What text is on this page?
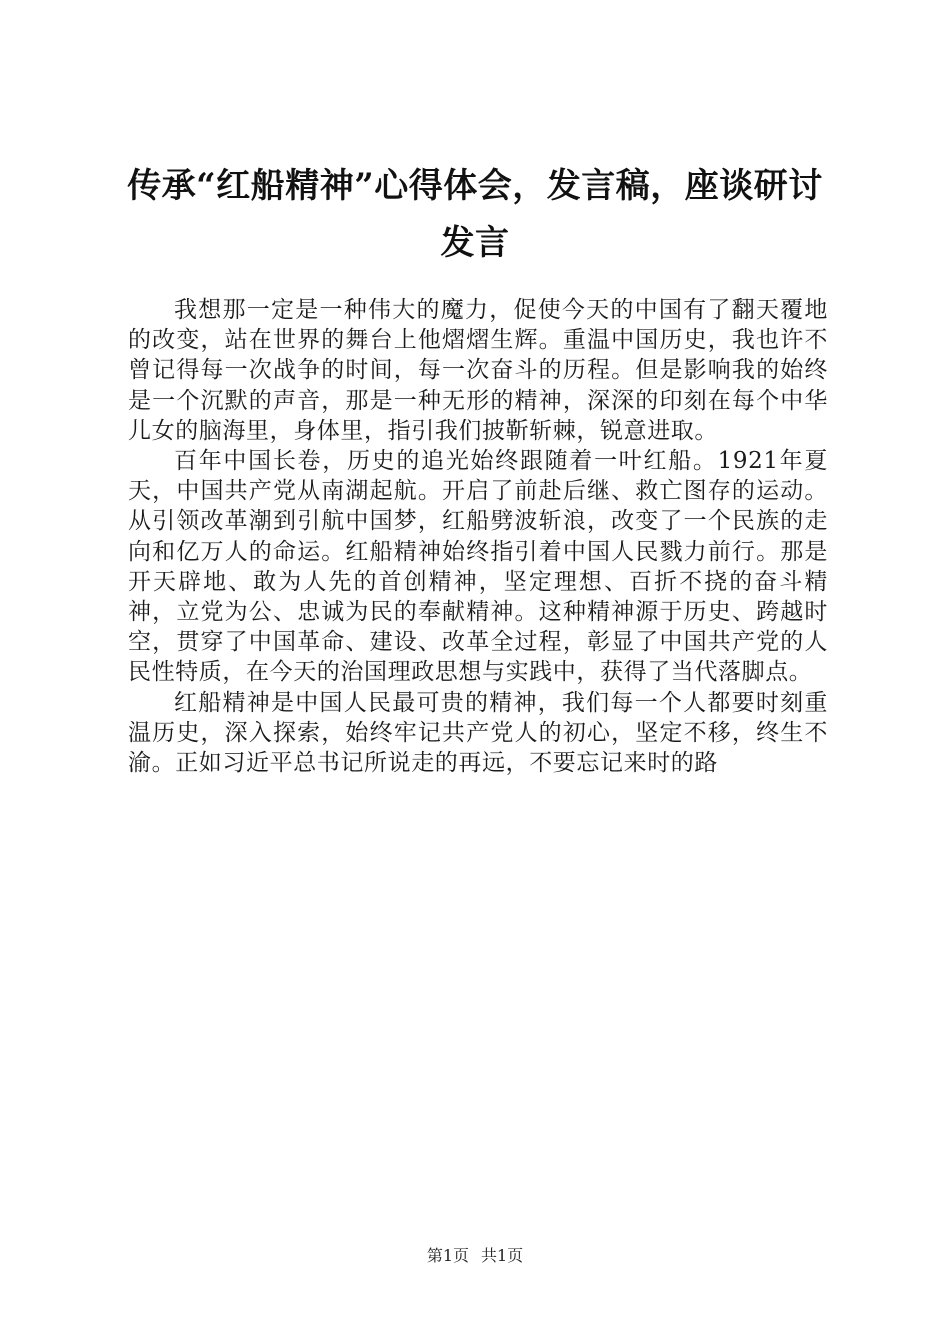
传承“红船精神”心得体会，发言稿，座谈研讨发言

我想那一定是一种伟大的魔力，促使今天的中国有了翻天覆地的改变，站在世界的舞台上他熠熠生辉。重温中国历史，我也许不曾记得每一次战争的时间，每一次奋斗的历程。但是影响我的始终是一个沉默的声音，那是一种无形的精神，深深的印刻在每个中华儿女的脑海里，身体里，指引我们披靳斩棘，锐意进取。

百年中国长卷，历史的追光始终跟随着一叶红船。1921年夏天，中国共产党从南湖起航。开启了前赴后继、救亡图存的运动。从引领改革潮到引航中国梦，红船劈波斩浪，改变了一个民族的走向和亿万人的命运。红船精神始终指引着中国人民戮力前行。那是开天辟地、敢为人先的首创精神，坚定理想、百折不挠的奋斗精神，立党为公、忠诚为民的奉献精神。这种精神源于历史、跨越时空，贯穿了中国革命、建设、改革全过程，彰显了中国共产党的人民性特质，在今天的治国理政思想与实践中，获得了当代落脚点。

红船精神是中国人民最可贵的精神，我们每一个人都要时刻重温历史，深入探索，始终牢记共产党人的初心，坚定不移，终生不渝。正如习近平总书记所说走的再远，不要忘记来时的路

第1页 共1页
